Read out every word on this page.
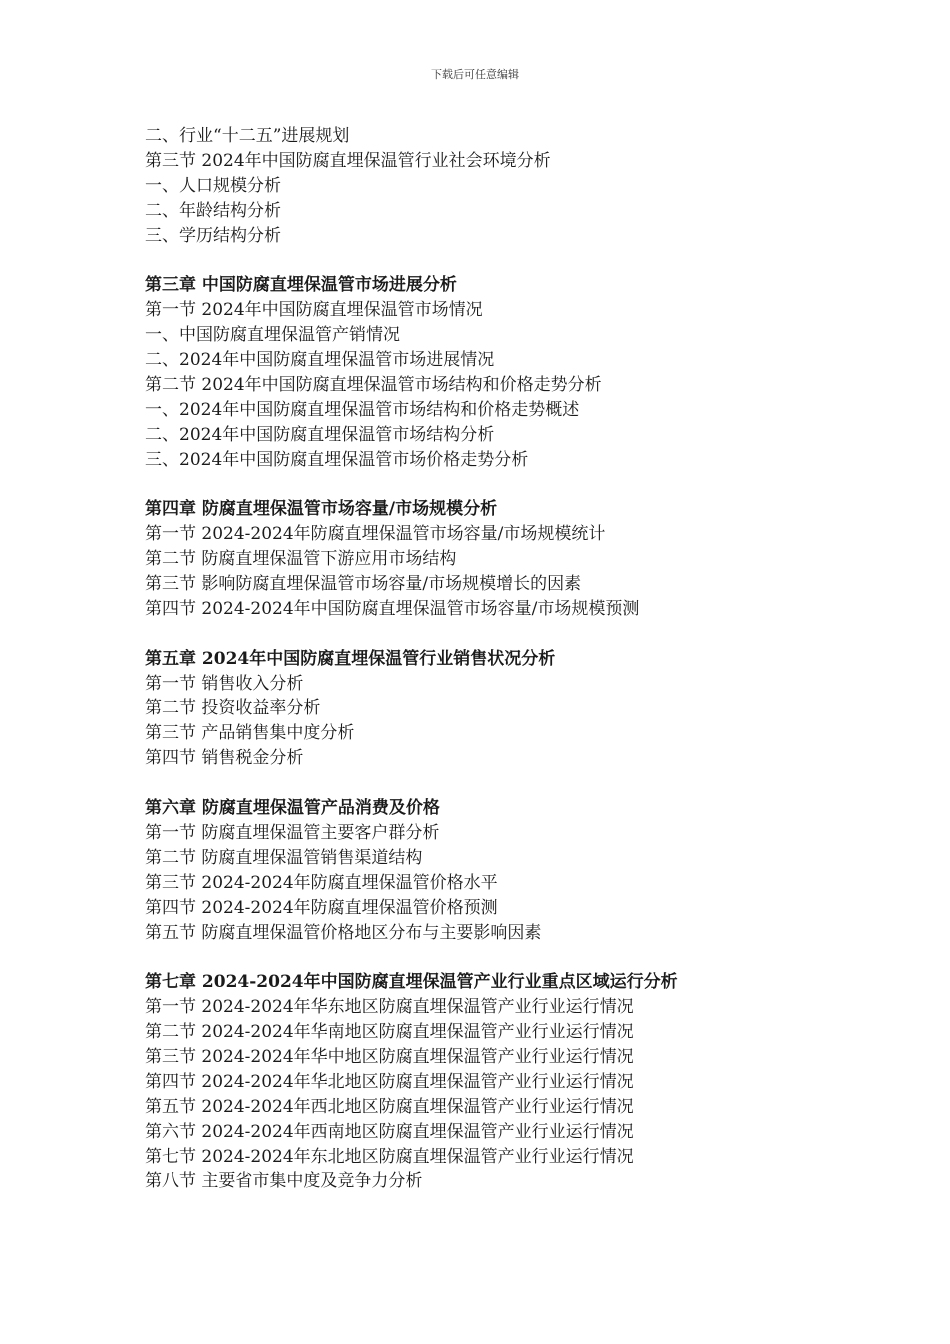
下载后可任意编辑
二、行业“十二五”进展规划
第三节 2024年中国防腐直埋保温管行业社会环境分析
一、人口规模分析
二、年龄结构分析
三、学历结构分析
第三章 中国防腐直埋保温管市场进展分析
第一节 2024年中国防腐直埋保温管市场情况
一、中国防腐直埋保温管产销情况
二、2024年中国防腐直埋保温管市场进展情况
第二节 2024年中国防腐直埋保温管市场结构和价格走势分析
一、2024年中国防腐直埋保温管市场结构和价格走势概述
二、2024年中国防腐直埋保温管市场结构分析
三、2024年中国防腐直埋保温管市场价格走势分析
第四章 防腐直埋保温管市场容量/市场规模分析
第一节 2024-2024年防腐直埋保温管市场容量/市场规模统计
第二节 防腐直埋保温管下游应用市场结构
第三节 影响防腐直埋保温管市场容量/市场规模增长的因素
第四节 2024-2024年中国防腐直埋保温管市场容量/市场规模预测
第五章 2024年中国防腐直埋保温管行业销售状况分析
第一节 销售收入分析
第二节 投资收益率分析
第三节 产品销售集中度分析
第四节 销售税金分析
第六章 防腐直埋保温管产品消费及价格
第一节 防腐直埋保温管主要客户群分析
第二节 防腐直埋保温管销售渠道结构
第三节 2024-2024年防腐直埋保温管价格水平
第四节 2024-2024年防腐直埋保温管价格预测
第五节 防腐直埋保温管价格地区分布与主要影响因素
第七章 2024-2024年中国防腐直埋保温管产业行业重点区域运行分析
第一节 2024-2024年华东地区防腐直埋保温管产业行业运行情况
第二节 2024-2024年华南地区防腐直埋保温管产业行业运行情况
第三节 2024-2024年华中地区防腐直埋保温管产业行业运行情况
第四节 2024-2024年华北地区防腐直埋保温管产业行业运行情况
第五节 2024-2024年西北地区防腐直埋保温管产业行业运行情况
第六节 2024-2024年西南地区防腐直埋保温管产业行业运行情况
第七节 2024-2024年东北地区防腐直埋保温管产业行业运行情况
第八节 主要省市集中度及竞争力分析
